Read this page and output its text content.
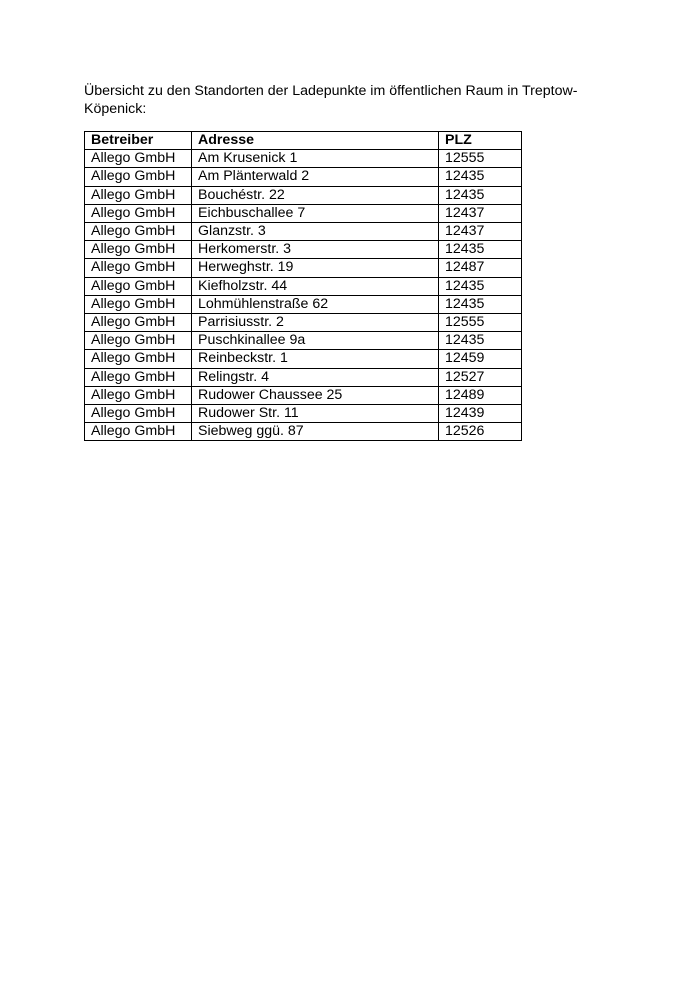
Übersicht zu den Standorten der Ladepunkte im öffentlichen Raum in Treptow-
Köpenick:

Betreiber	Adresse	PLZ
Allego GmbH	Am Krusenick 1	12555
Allego GmbH	Am Plänterwald 2	12435
Allego GmbH	Bouchéstr. 22	12435
Allego GmbH	Eichbuschallee 7	12437
Allego GmbH	Glanzstr. 3	12437
Allego GmbH	Herkomerstr. 3	12435
Allego GmbH	Herweghstr. 19	12487
Allego GmbH	Kiefholzstr. 44	12435
Allego GmbH	Lohmühlenstraße 62	12435
Allego GmbH	Parrisiusstr. 2	12555
Allego GmbH	Puschkinallee 9a	12435
Allego GmbH	Reinbeckstr. 1	12459
Allego GmbH	Relingstr. 4	12527
Allego GmbH	Rudower Chaussee 25	12489
Allego GmbH	Rudower Str. 11	12439
Allego GmbH	Siebweg ggü. 87	12526
